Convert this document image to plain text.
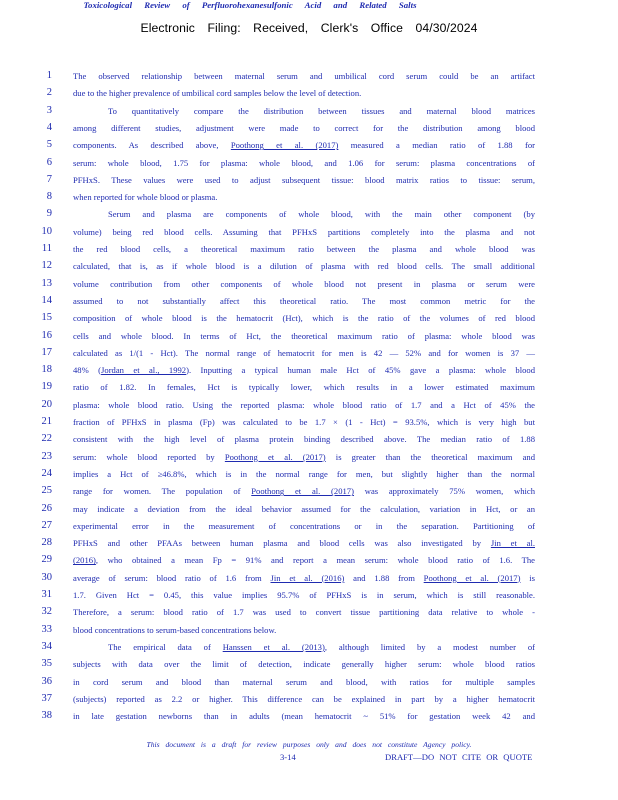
Electronic Filing: Received, Clerk's Office 04/30/2024
Toxicological Review of Perfluorohexanesulfonic Acid and Related Salts
1 The observed relationship between maternal serum and umbilical cord serum could be an artifact
2 due to the higher prevalence of umbilical cord samples below the level of detection.
3	To quantitatively compare the distribution between tissues and maternal blood matrices
4 among different studies, adjustment were made to correct for the distribution among blood
5 components. As described above, Poothong et al. (2017) measured a median ratio of 1.88 for
6 serum: whole blood, 1.75 for plasma: whole blood, and 1.06 for serum: plasma concentrations of
7 PFHxS. These values were used to adjust subsequent tissue: blood matrix ratios to tissue: serum,
8 when reported for whole blood or plasma.
9	Serum and plasma are components of whole blood, with the main other component (by
10 volume) being red blood cells. Assuming that PFHxS partitions completely into the plasma and not
11 the red blood cells, a theoretical maximum ratio between the plasma and whole blood was
12 calculated, that is, as if whole blood is a dilution of plasma with red blood cells. The small additional
13 volume contribution from other components of whole blood not present in plasma or serum were
14 assumed to not substantially affect this theoretical ratio. The most common metric for the
15 composition of whole blood is the hematocrit (Hct), which is the ratio of the volumes of red blood
16 cells and whole blood. In terms of Hct, the theoretical maximum ratio of plasma: whole blood was
17 calculated as 1/(1 - Hct). The normal range of hematocrit for men is 42 — 52% and for women is 37 —
18 48% (Jordan et al., 1992). Inputting a typical human male Hct of 45% gave a plasma: whole blood
19 ratio of 1.82. In females, Hct is typically lower, which results in a lower estimated maximum
20 plasma: whole blood ratio. Using the reported plasma: whole blood ratio of 1.7 and a Hct of 45% the
21 fraction of PFHxS in plasma (Fp) was calculated to be 1.7 × (1 - Hct) = 93.5%, which is very high but
22 consistent with the high level of plasma protein binding described above. The median ratio of 1.88
23 serum: whole blood reported by Poothong et al. (2017) is greater than the theoretical maximum and
24 implies a Hct of ≥46.8%, which is in the normal range for men, but slightly higher than the normal
25 range for women. The population of Poothong et al. (2017) was approximately 75% women, which
26 may indicate a deviation from the ideal behavior assumed for the calculation, variation in Hct, or an
27 experimental error in the measurement of concentrations or in the separation. Partitioning of
28 PFHxS and other PFAAs between human plasma and blood cells was also investigated by Jin et al.
29 (2016), who obtained a mean Fp = 91% and report a mean serum: whole blood ratio of 1.6. The
30 average of serum: blood ratio of 1.6 from Jin et al. (2016) and 1.88 from Poothong et al. (2017) is
31 1.7. Given Hct = 0.45, this value implies 95.7% of PFHxS is in serum, which is still reasonable.
32 Therefore, a serum: blood ratio of 1.7 was used to convert tissue partitioning data relative to whole -
33 blood concentrations to serum-based concentrations below.
34	The empirical data of Hanssen et al. (2013), although limited by a modest number of
35 subjects with data over the limit of detection, indicate generally higher serum: whole blood ratios
36 in cord serum and blood than maternal serum and blood, with ratios for multiple samples
37 (subjects) reported as 2.2 or higher. This difference can be explained in part by a higher hematocrit
38 in late gestation newborns than in adults (mean hematocrit ~ 51% for gestation week 42 and
This document is a draft for review purposes only and does not constitute Agency policy.
3-14	DRAFT—DO NOT CITE OR QUOTE
